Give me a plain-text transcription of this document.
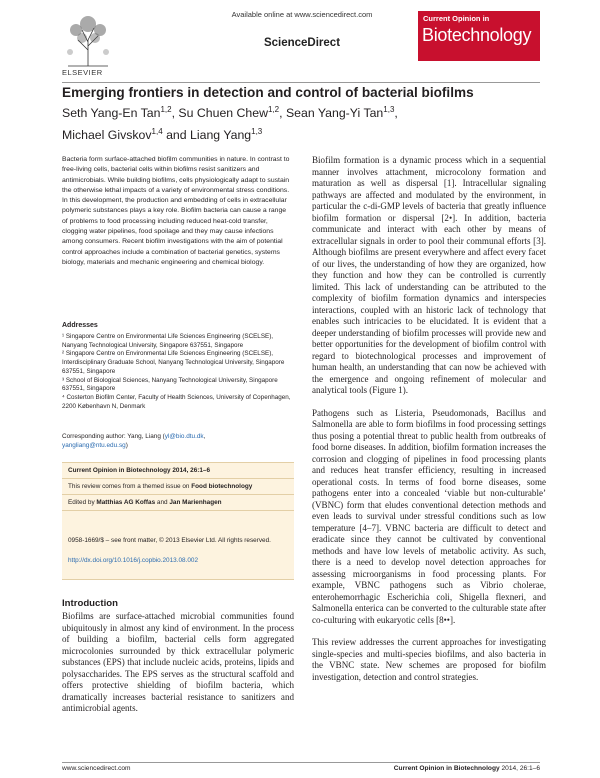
ELSEVIER
Available online at www.sciencedirect.com
ScienceDirect
Current Opinion in
Biotechnology
Emerging frontiers in detection and control of bacterial biofilms
Seth Yang-En Tan$^{1,2}$, Su Chuen Chew$^{1,2}$, Sean Yang-Yi Tan$^{1,3}$,
Michael Givskov$^{1,4}$ and Liang Yang$^{1,3}$
Bacteria form surface-attached biofilm communities in nature. In contrast to free-living cells, bacterial cells within biofilms resist sanitizers and antimicrobials. While building biofilms, cells physiologically adapt to sustain the otherwise lethal impacts of a variety of environmental stress conditions. In this development, the production and embedding of cells in extracellular polymeric substances plays a key role. Biofilm bacteria can cause a range of problems to food processing including reduced heat-cold transfer, clogging water pipelines, food spoilage and they may cause infections among consumers. Recent biofilm investigations with the aim of potential control approaches include a combination of bacterial genetics, systems biology, materials and mechanic engineering and chemical biology.
Addresses

¹ Singapore Centre on Environmental Life Sciences Engineering (SCELSE), Nanyang Technological University, Singapore 637551, Singapore

² Singapore Centre on Environmental Life Sciences Engineering (SCELSE), Interdisciplinary Graduate School, Nanyang Technological University, Singapore 637551, Singapore

³ School of Biological Sciences, Nanyang Technological University, Singapore 637551, Singapore

⁴ Costerton Biofilm Center, Faculty of Health Sciences, University of Copenhagen, 2200 København N, Denmark

Corresponding author: Yang, Liang (yl@bio.dtu.dk,
yangliang@ntu.edu.sg)
Current Opinion in Biotechnology 2014, 26:1–6
This review comes from a themed issue on Food biotechnology
Edited by Matthias AG Koffas and Jan Marienhagen
0958-1669/$ – see front matter, © 2013 Elsevier Ltd. All rights reserved.
http://dx.doi.org/10.1016/j.copbio.2013.08.002
Introduction
Biofilms are surface-attached microbial communities found ubiquitously in almost any kind of environment. In the process of building a biofilm, bacterial cells form aggregated microcolonies surrounded by thick extracellular polymeric substances (EPS) that include nucleic acids, proteins, lipids and polysaccharides. The EPS serves as the structural scaffold and offers protective shielding of biofilm bacteria, which dramatically increases bacterial resistance to sanitizers and antimicrobial agents.

Biofilm formation is a dynamic process which in a sequential manner involves attachment, microcolony formation and maturation as well as dispersal [1]. Intracellular signaling pathways are affected and modulated by the environment, in particular the c-di-GMP levels of bacteria that greatly influence biofilm formation or dispersal [2•]. In addition, bacteria communicate and interact with each other by means of extracellular signals in order to pool their communal efforts [3]. Although biofilms are present everywhere and affect every facet of our lives, the understanding of how they are organized, how they function and how they can be controlled is currently limited. This lack of understanding can be attributed to the complexity of biofilm formation dynamics and interspecies interactions, coupled with an historic lack of technology that enables such intricacies to be elucidated. It is evident that a deeper understanding of biofilm processes will provide new and better opportunities for the development of biofilm control with regard to biotechnological processes and improvement of human health, an understanding that can now be achieved with the emergence and ongoing refinement of molecular and analytical tools (Figure 1).

Pathogens such as Listeria, Pseudomonads, Bacillus and Salmonella are able to form biofilms in food processing settings thus posing a potential threat to public health from outbreaks of food borne diseases. In addition, biofilm formation increases the corrosion and clogging of pipelines in food processing plants and reduces heat transfer efficiency, resulting in increased operational costs. In terms of food borne diseases, some pathogens enter into a concealed ‘viable but non-culturable’ (VBNC) form that eludes conventional detection methods and even leads to survival under stressful conditions such as low temperature [4–7]. VBNC bacteria are difficult to detect and eradicate since they cannot be cultivated by conventional methods and have low levels of metabolic activity. As such, there is a need to develop novel detection approaches for assessing microorganisms in food processing plants. For example, VBNC pathogens such as Vibrio cholerae, enterohemorrhagic Escherichia coli, Shigella flexneri, and Salmonella enterica can be converted to the culturable state after co-culturing with eukaryotic cells [8••].

This review addresses the current approaches for investigating single-species and multi-species biofilms, and also bacteria in the VBNC state. New schemes are proposed for biofilm investigation, detection and control strategies.

www.sciencedirect.com	Current Opinion in Biotechnology 2014, 26:1–6
